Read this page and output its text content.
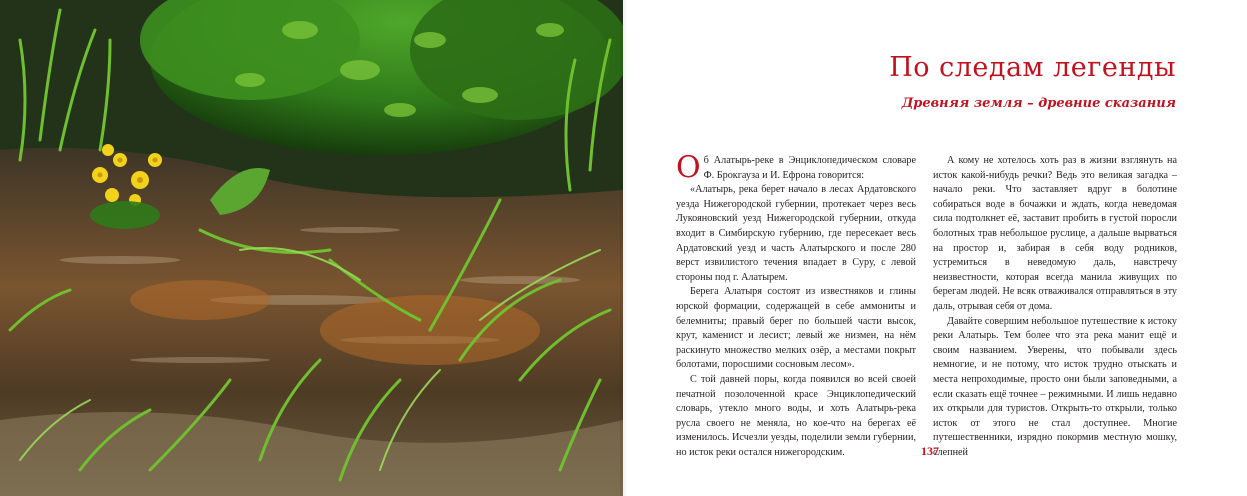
По следам легенды
Древняя земля – древние сказания

Об Алатырь-реке в Энциклопедическом словаре Ф. Брокгауза и И. Ефрона говорится:

«Алатырь, река берет начало в лесах Ардатовского уезда Нижегородской губернии, протекает через весь Лукояновский уезд Нижегородской губернии, откуда входит в Симбирскую губернию, где пересекает весь Ардатовский уезд и часть Алатырского и после 280 верст извилистого течения впадает в Суру, с левой стороны под г. Алатырем.

Берега Алатыря состоят из известняков и глины юрской формации, содержащей в себе аммониты и белемниты; правый берег по большей части высок, крут, каменист и лесист; левый же низмен, на нём раскинуто множество мелких озёр, а местами покрыт болотами, поросшими сосновым лесом».

С той давней поры, когда появился во всей своей печатной позолоченной красе Энциклопедический словарь, утекло много воды, и хоть Алатырь-река русла своего не меняла, но кое-что на берегах её изменилось. Исчезли уезды, поделили земли губернии, но исток реки остался нижегородским.

А кому не хотелось хоть раз в жизни взглянуть на исток какой-нибудь речки? Ведь это великая загадка – начало реки. Что заставляет вдруг в болотине собираться воде в бочажки и ждать, когда неведомая сила подтолкнет её, заставит пробить в густой поросли болотных трав небольшое руслице, а дальше вырваться на простор и, забирая в себя воду родников, устремиться в неведомую даль, навстречу неизвестности, которая всегда манила живущих по берегам людей. Не всяк отваживался отправляться в эту даль, отрывая себя от дома.

Давайте совершим небольшое путешествие к истоку реки Алатырь. Тем более что эта река манит ещё и своим названием. Уверены, что побывали здесь немногие, и не потому, что исток трудно отыскать и места непроходимые, просто они были заповедными, а если сказать ещё точнее – режимными. И лишь недавно их открыли для туристов. Открыть-то открыли, только исток от этого не стал доступнее. Многие путешественники, изрядно покормив местную мошку, слепней

137
